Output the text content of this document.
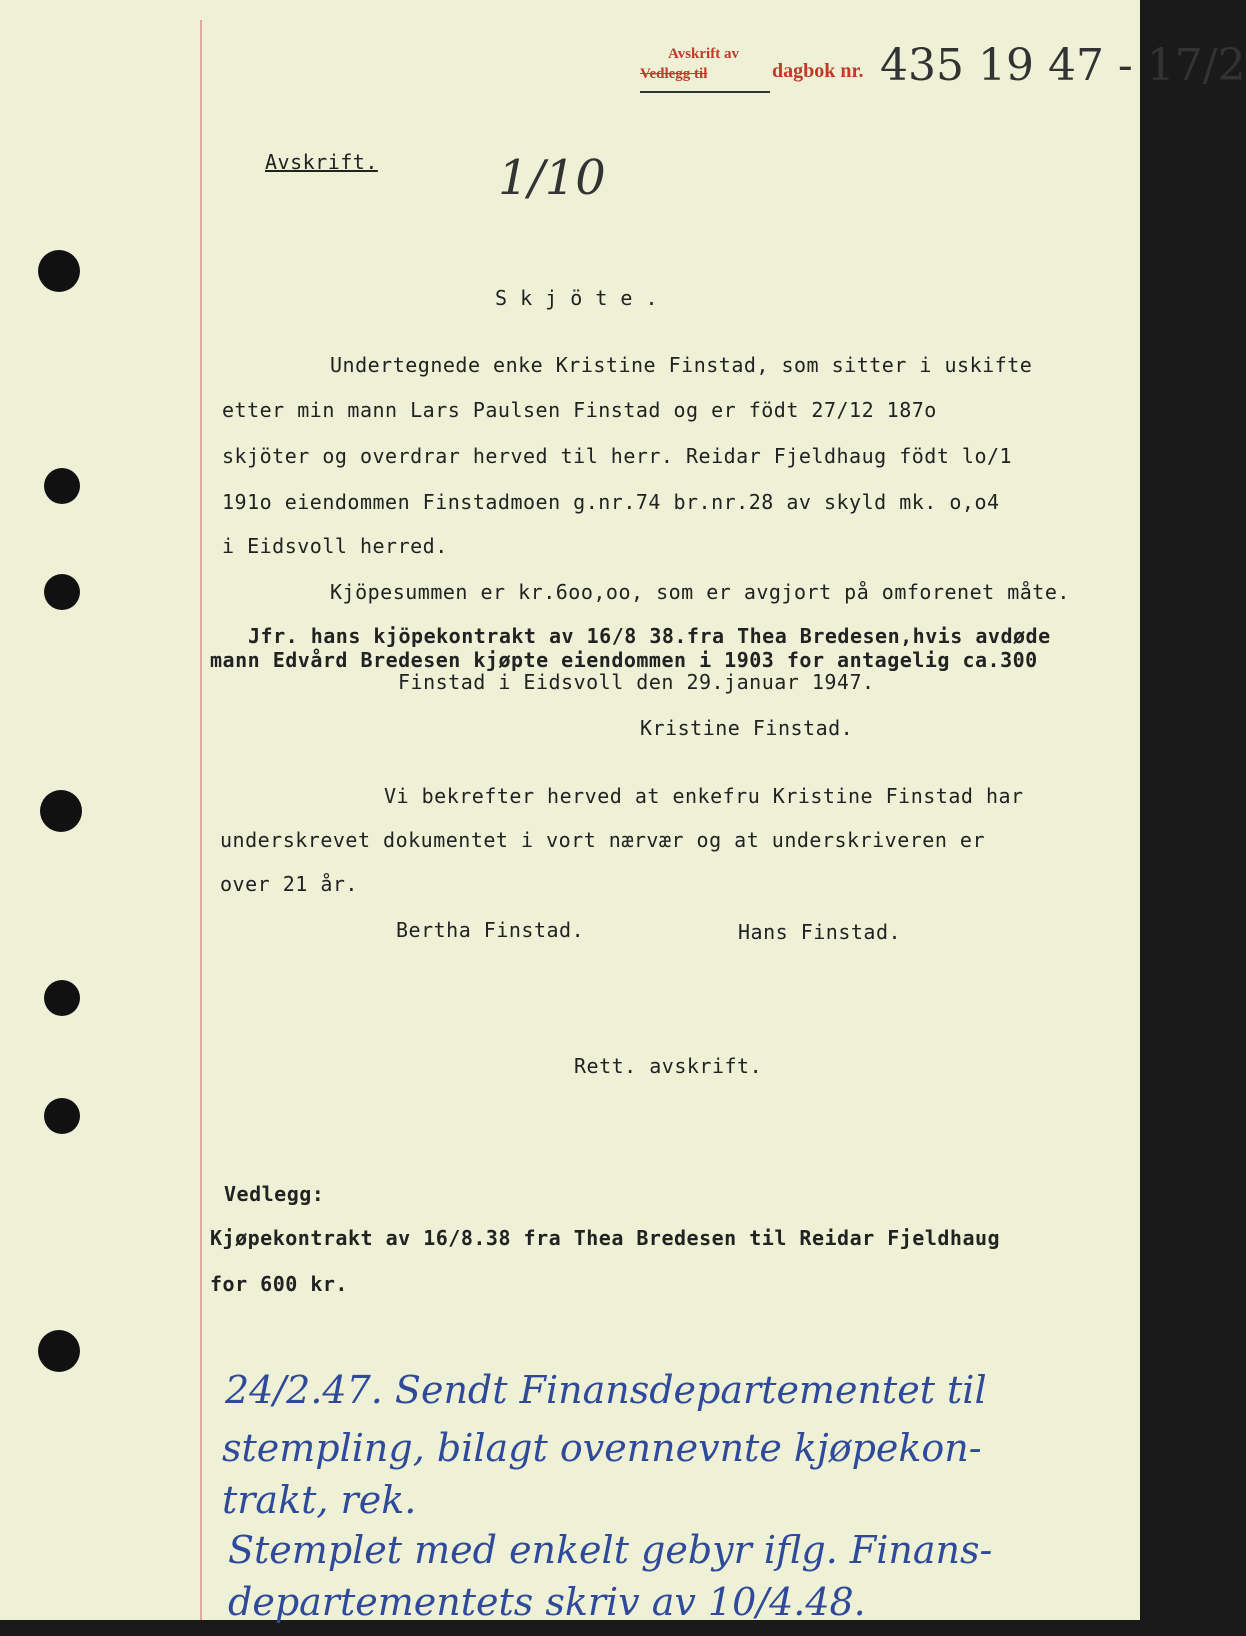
Avskrift av
Vedlegg til	dagbok nr. 435 19 47 - 17/2
1/10
Avskrift.
S k j ö t e .
Undertegnede enke Kristine Finstad, som sitter i uskifte
etter min mann Lars Paulsen Finstad og er födt 27/12 187o
skjöter og overdrar herved til herr. Reidar Fjeldhaug födt lo/1
191o eiendommen Finstadmoen g.nr.74 br.nr.28 av skyld mk. o,o4
i Eidsvoll herred.
Kjöpesummen er kr.6oo,oo, som er avgjort på omforenet måte.
Jfr. hans kjöpekontrakt av 16/8 38.fra Thea Bredesen,hvis avdøde
mann Edvård Bredesen kjøpte eiendommen i 1903 for antagelig ca.300
Finstad i Eidsvoll den 29.januar 1947.
Kristine Finstad.
Vi bekrefter herved at enkefru Kristine Finstad har
underskrevet dokumentet i vort nærvær og at underskriveren er
over 21 år.
Bertha Finstad.	Hans Finstad.
Rett. avskrift.
Vedlegg:
Kjøpekontrakt av 16/8.38 fra Thea Bredesen til Reidar Fjeldhaug
for 600 kr.
24/2.47. Sendt Finansdepartementet til
stempling, bilagt ovennevnte kjøpekon-
trakt, rek.
Stemplet med enkelt gebyr iflg. Finans-
departementets skriv av 10/4.48.
